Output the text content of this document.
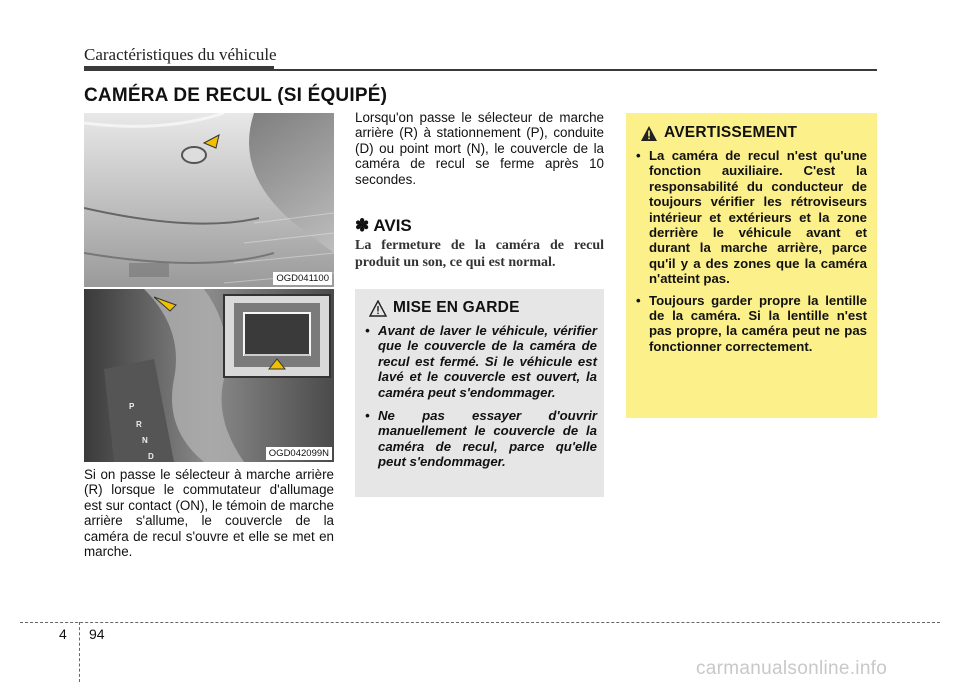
Caractéristiques du véhicule
CAMÉRA DE RECUL (SI ÉQUIPÉ)
OGD041100
P
R
N
D	OGD042099N
Si on passe le sélecteur à marche arrière (R) lorsque le commutateur d'allumage est sur contact (ON), le témoin de marche arrière s'allume, le couvercle de la caméra de recul s'ouvre et elle se met en marche.
Lorsqu'on passe le sélecteur de marche arrière (R) à stationnement (P), conduite (D) ou point mort (N), le couvercle de la caméra de recul se ferme après 10 secondes.
✽ AVIS
La fermeture de la caméra de recul produit un son, ce qui est normal.
MISE EN GARDE
• Avant de laver le véhicule, vérifier que le couvercle de la caméra de recul est fermé. Si le véhicule est lavé et le couvercle est ouvert, la caméra peut s'endommager.
• Ne pas essayer d'ouvrir manuellement le couvercle de la caméra de recul, parce qu'elle peut s'endommager.
AVERTISSEMENT
• La caméra de recul n'est qu'une fonction auxiliaire. C'est la responsabilité du conducteur de toujours vérifier les rétroviseurs intérieur et extérieurs et la zone derrière le véhicule avant et durant la marche arrière, parce qu'il y a des zones que la caméra n'atteint pas.
• Toujours garder propre la lentille de la caméra. Si la lentille n'est pas propre, la caméra peut ne pas fonctionner correctement.
4 94
carmanualsonline.info
